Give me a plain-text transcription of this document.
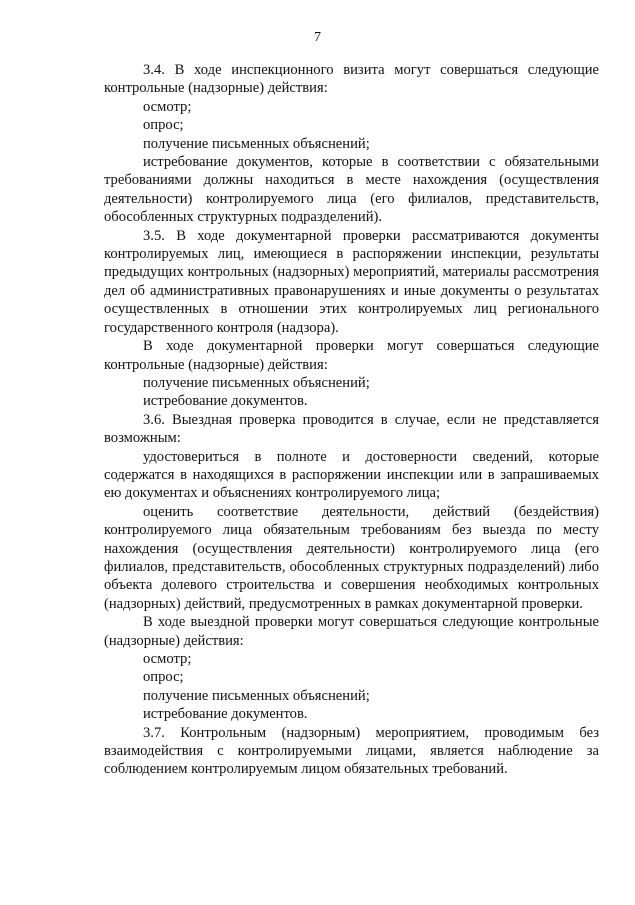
7

3.4. В ходе инспекционного визита могут совершаться следующие контрольные (надзорные) действия:

осмотр;

опрос;

получение письменных объяснений;

истребование документов, которые в соответствии с обязательными требованиями должны находиться в месте нахождения (осуществления деятельности) контролируемого лица (его филиалов, представительств, обособленных структурных подразделений).

3.5. В ходе документарной проверки рассматриваются документы контролируемых лиц, имеющиеся в распоряжении инспекции, результаты предыдущих контрольных (надзорных) мероприятий, материалы рассмотрения дел об административных правонарушениях и иные документы о результатах осуществленных в отношении этих контролируемых лиц регионального государственного контроля (надзора).

В ходе документарной проверки могут совершаться следующие контрольные (надзорные) действия:

получение письменных объяснений;

истребование документов.

3.6. Выездная проверка проводится в случае, если не представляется возможным:

удостовериться в полноте и достоверности сведений, которые содержатся в находящихся в распоряжении инспекции или в запрашиваемых ею документах и объяснениях контролируемого лица;

оценить соответствие деятельности, действий (бездействия) контролируемого лица обязательным требованиям без выезда по месту нахождения (осуществления деятельности) контролируемого лица (его филиалов, представительств, обособленных структурных подразделений) либо объекта долевого строительства и совершения необходимых контрольных (надзорных) действий, предусмотренных в рамках документарной проверки.

В ходе выездной проверки могут совершаться следующие контрольные (надзорные) действия:

осмотр;

опрос;

получение письменных объяснений;

истребование документов.

3.7. Контрольным (надзорным) мероприятием, проводимым без взаимодействия с контролируемыми лицами, является наблюдение за соблюдением контролируемым лицом обязательных требований.
